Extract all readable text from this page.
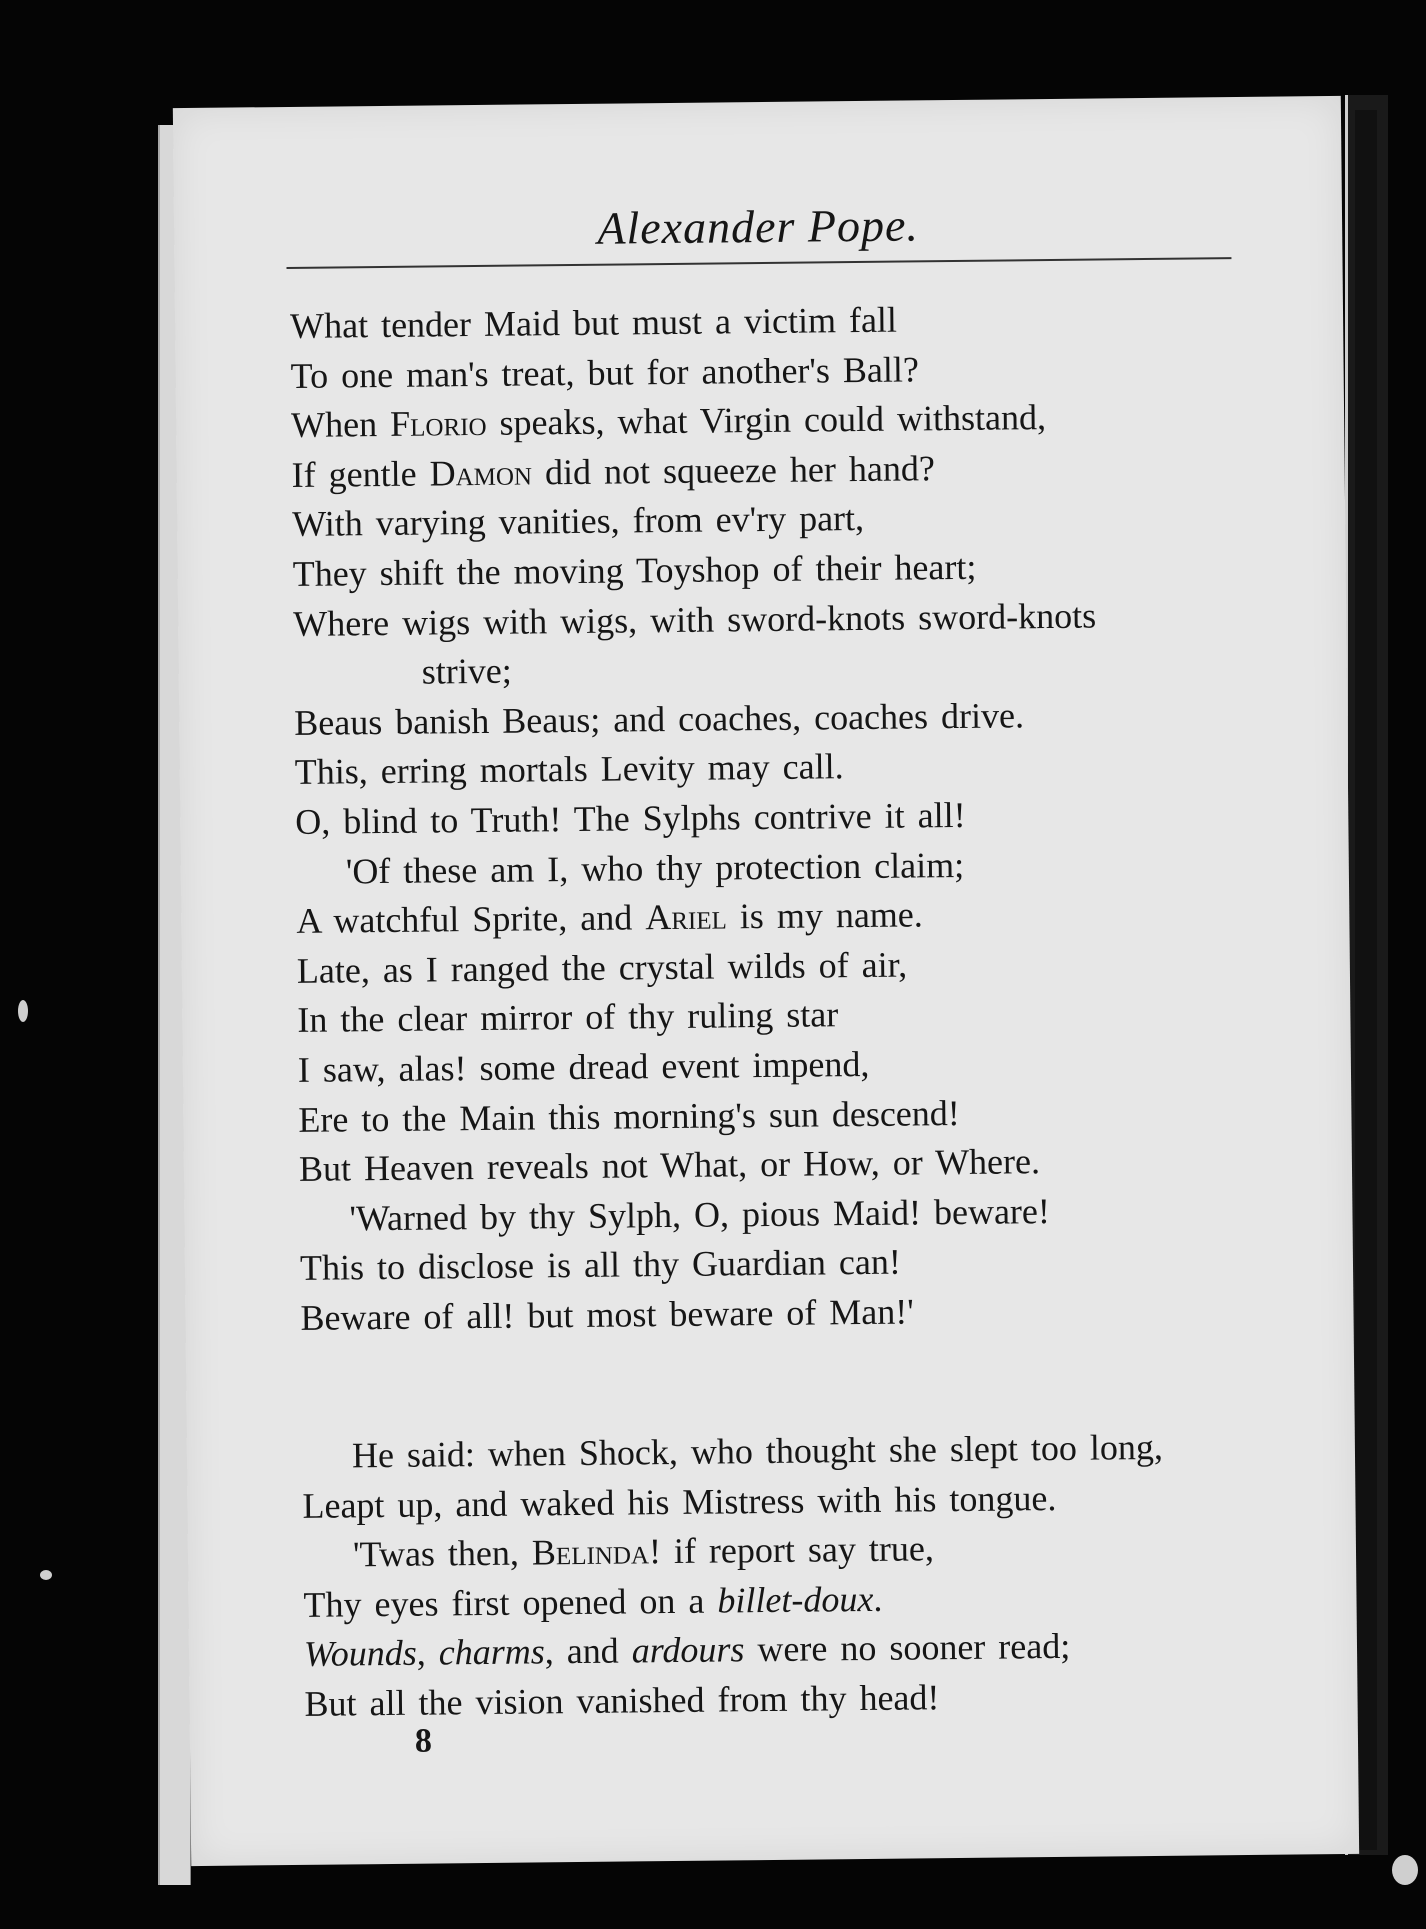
Alexander Pope.
What tender Maid but must a victim fall
To one man's treat, but for another's Ball?
When Florio speaks, what Virgin could withstand,
If gentle Damon did not squeeze her hand?
With varying vanities, from ev'ry part,
They shift the moving Toyshop of their heart;
Where wigs with wigs, with sword-knots sword-knots
strive;
Beaus banish Beaus; and coaches, coaches drive.
This, erring mortals Levity may call.
O, blind to Truth! The Sylphs contrive it all!
'Of these am I, who thy protection claim;
A watchful Sprite, and Ariel is my name.
Late, as I ranged the crystal wilds of air,
In the clear mirror of thy ruling star
I saw, alas! some dread event impend,
Ere to the Main this morning's sun descend!
But Heaven reveals not What, or How, or Where.
'Warned by thy Sylph, O, pious Maid! beware!
This to disclose is all thy Guardian can!
Beware of all! but most beware of Man!'
He said: when Shock, who thought she slept too long,
Leapt up, and waked his Mistress with his tongue.
'Twas then, Belinda! if report say true,
Thy eyes first opened on a billet-doux.
Wounds, charms, and ardours were no sooner read;
But all the vision vanished from thy head!
8
